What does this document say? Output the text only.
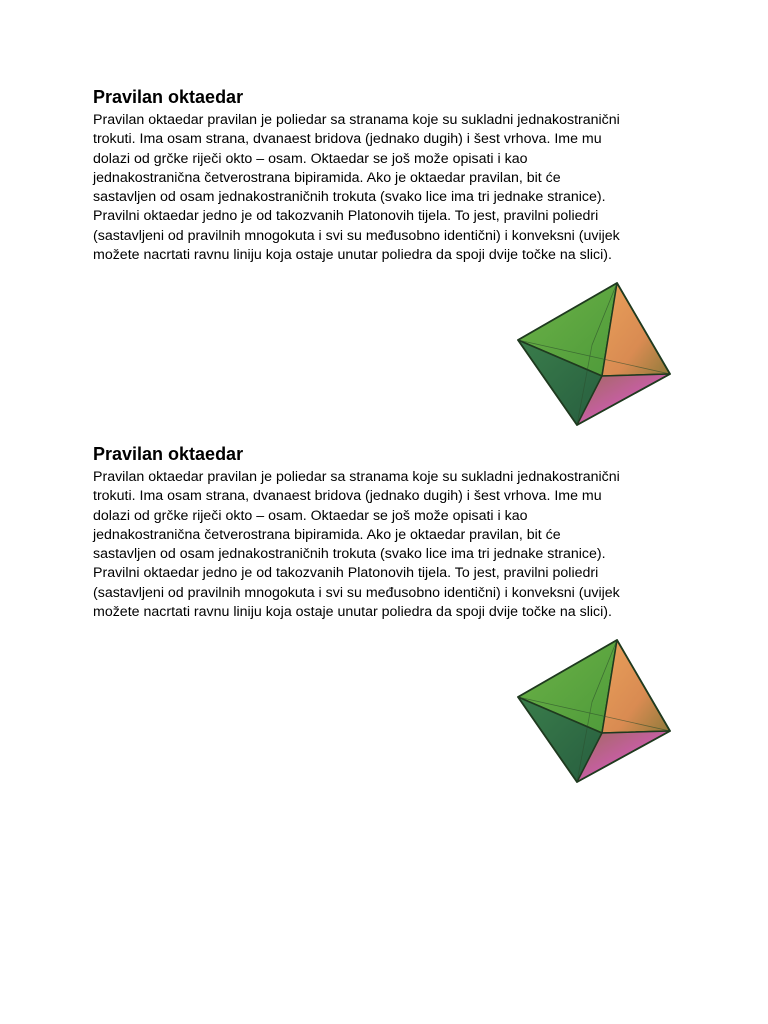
Pravilan oktaedar

Pravilan oktaedar pravilan je poliedar sa stranama koje su sukladni jednakostranični
trokuti. Ima osam strana, dvanaest bridova (jednako dugih) i šest vrhova. Ime mu
dolazi od grčke riječi okto – osam. Oktaedar se još može opisati i kao
jednakostranična četverostrana bipiramida. Ako je oktaedar pravilan, bit će
sastavljen od osam jednakostraničnih trokuta (svako lice ima tri jednake stranice).
Pravilni oktaedar jedno je od takozvanih Platonovih tijela. To jest, pravilni poliedri
(sastavljeni od pravilnih mnogokuta i svi su međusobno identični) i konveksni (uvijek
možete nacrtati ravnu liniju koja ostaje unutar poliedra da spoji dvije točke na slici).

Pravilan oktaedar

Pravilan oktaedar pravilan je poliedar sa stranama koje su sukladni jednakostranični
trokuti. Ima osam strana, dvanaest bridova (jednako dugih) i šest vrhova. Ime mu
dolazi od grčke riječi okto – osam. Oktaedar se još može opisati i kao
jednakostranična četverostrana bipiramida. Ako je oktaedar pravilan, bit će
sastavljen od osam jednakostraničnih trokuta (svako lice ima tri jednake stranice).
Pravilni oktaedar jedno je od takozvanih Platonovih tijela. To jest, pravilni poliedri
(sastavljeni od pravilnih mnogokuta i svi su međusobno identični) i konveksni (uvijek
možete nacrtati ravnu liniju koja ostaje unutar poliedra da spoji dvije točke na slici).
